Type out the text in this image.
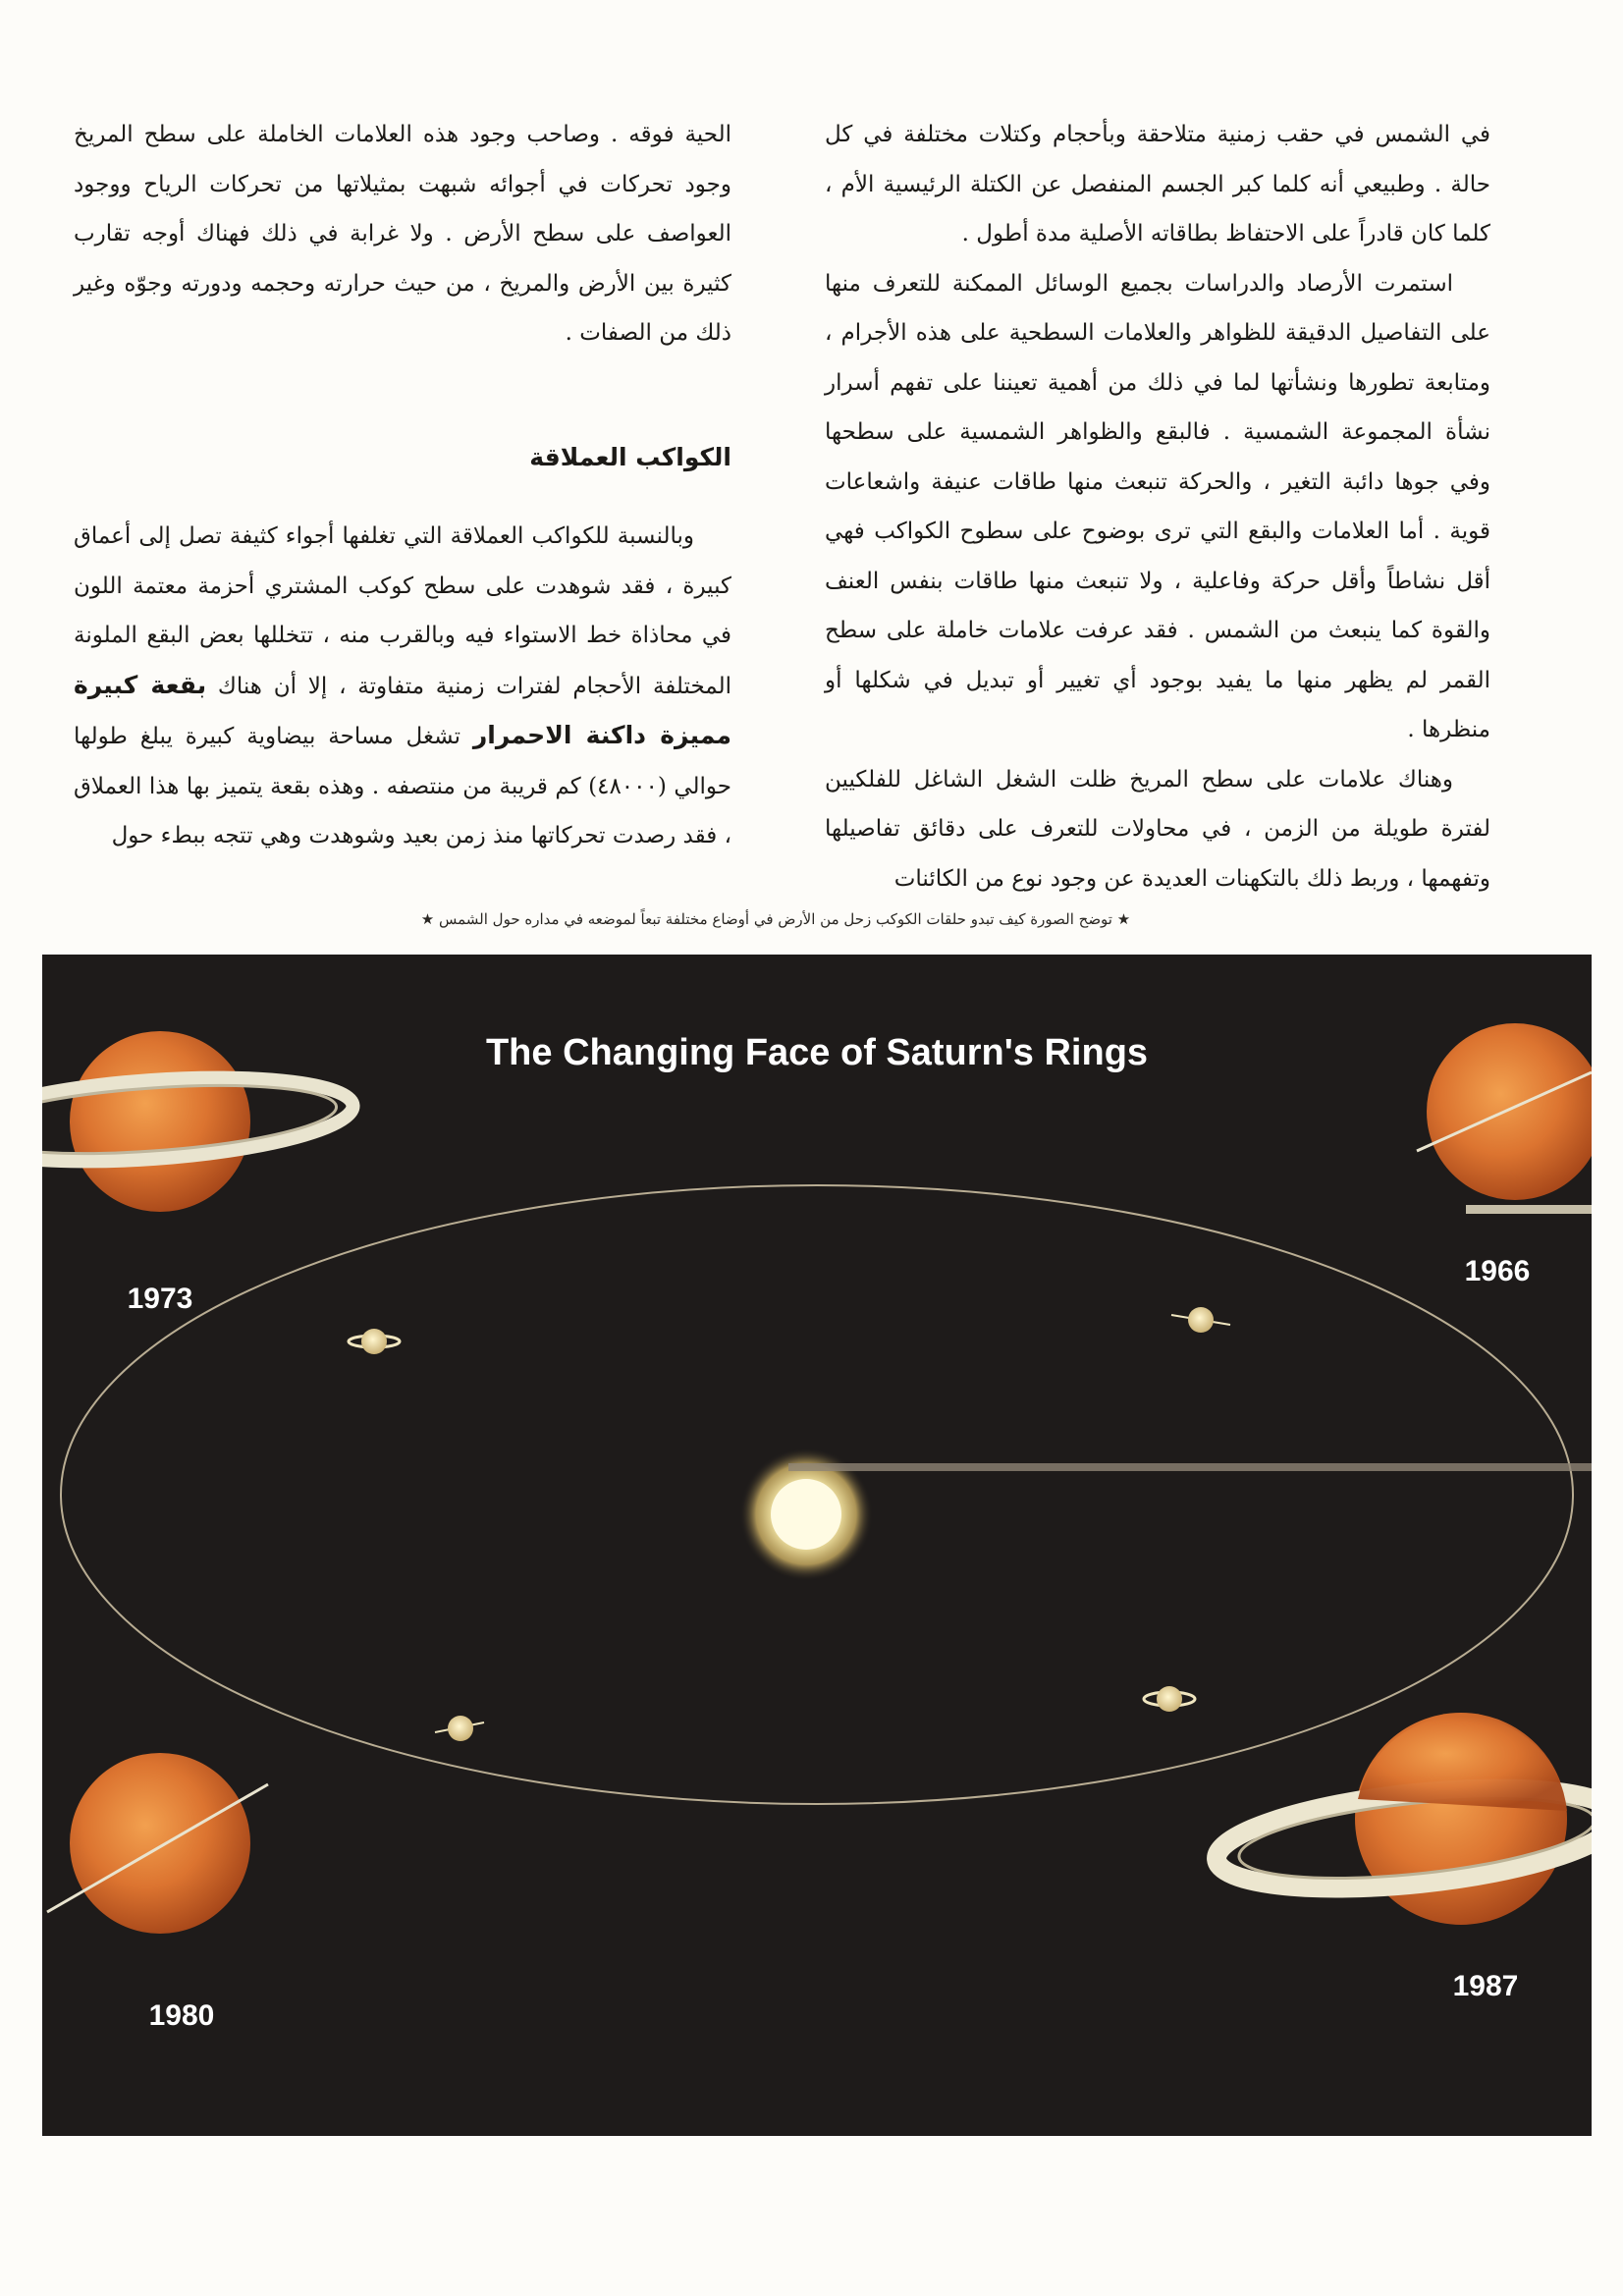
في الشمس في حقب زمنية متلاحقة وبأحجام وكتلات مختلفة في كل حالة . وطبيعي أنه كلما كبر الجسم المنفصل عن الكتلة الرئيسية الأم ، كلما كان قادراً على الاحتفاظ بطاقاته الأصلية مدة أطول .

استمرت الأرصاد والدراسات بجميع الوسائل الممكنة للتعرف منها على التفاصيل الدقيقة للظواهر والعلامات السطحية على هذه الأجرام ، ومتابعة تطورها ونشأتها لما في ذلك من أهمية تعيننا على تفهم أسرار نشأة المجموعة الشمسية . فالبقع والظواهر الشمسية على سطحها وفي جوها دائبة التغير ، والحركة تنبعث منها طاقات عنيفة واشعاعات قوية . أما العلامات والبقع التي ترى بوضوح على سطوح الكواكب فهي أقل نشاطاً وأقل حركة وفاعلية ، ولا تنبعث منها طاقات بنفس العنف والقوة كما ينبعث من الشمس . فقد عرفت علامات خاملة على سطح القمر لم يظهر منها ما يفيد بوجود أي تغيير أو تبديل في شكلها أو منظرها .

وهناك علامات على سطح المريخ ظلت الشغل الشاغل للفلكيين لفترة طويلة من الزمن ، في محاولات للتعرف على دقائق تفاصيلها وتفهمها ، وربط ذلك بالتكهنات العديدة عن وجود نوع من الكائنات

الحية فوقه . وصاحب وجود هذه العلامات الخاملة على سطح المريخ وجود تحركات في أجوائه شبهت بمثيلاتها من تحركات الرياح ووجود العواصف على سطح الأرض . ولا غرابة في ذلك فهناك أوجه تقارب كثيرة بين الأرض والمريخ ، من حيث حرارته وحجمه ودورته وجوّه وغير ذلك من الصفات .

الكواكب العملاقة

وبالنسبة للكواكب العملاقة التي تغلفها أجواء كثيفة تصل إلى أعماق كبيرة ، فقد شوهدت على سطح كوكب المشتري أحزمة معتمة اللون في محاذاة خط الاستواء فيه وبالقرب منه ، تتخللها بعض البقع الملونة المختلفة الأحجام لفترات زمنية متفاوتة ، إلا أن هناك بقعة كبيرة مميزة داكنة الاحمرار تشغل مساحة بيضاوية كبيرة يبلغ طولها حوالي (٤٨٠٠٠) كم قريبة من منتصفه . وهذه بقعة يتميز بها هذا العملاق ، فقد رصدت تحركاتها منذ زمن بعيد وشوهدت وهي تتجه ببطء حول

★ توضح الصورة كيف تبدو حلقات الكوكب زحل من الأرض في أوضاع مختلفة تبعاً لموضعه في مداره حول الشمس ★
The Changing Face of Saturn's Rings
1973
1966
1980
1987
